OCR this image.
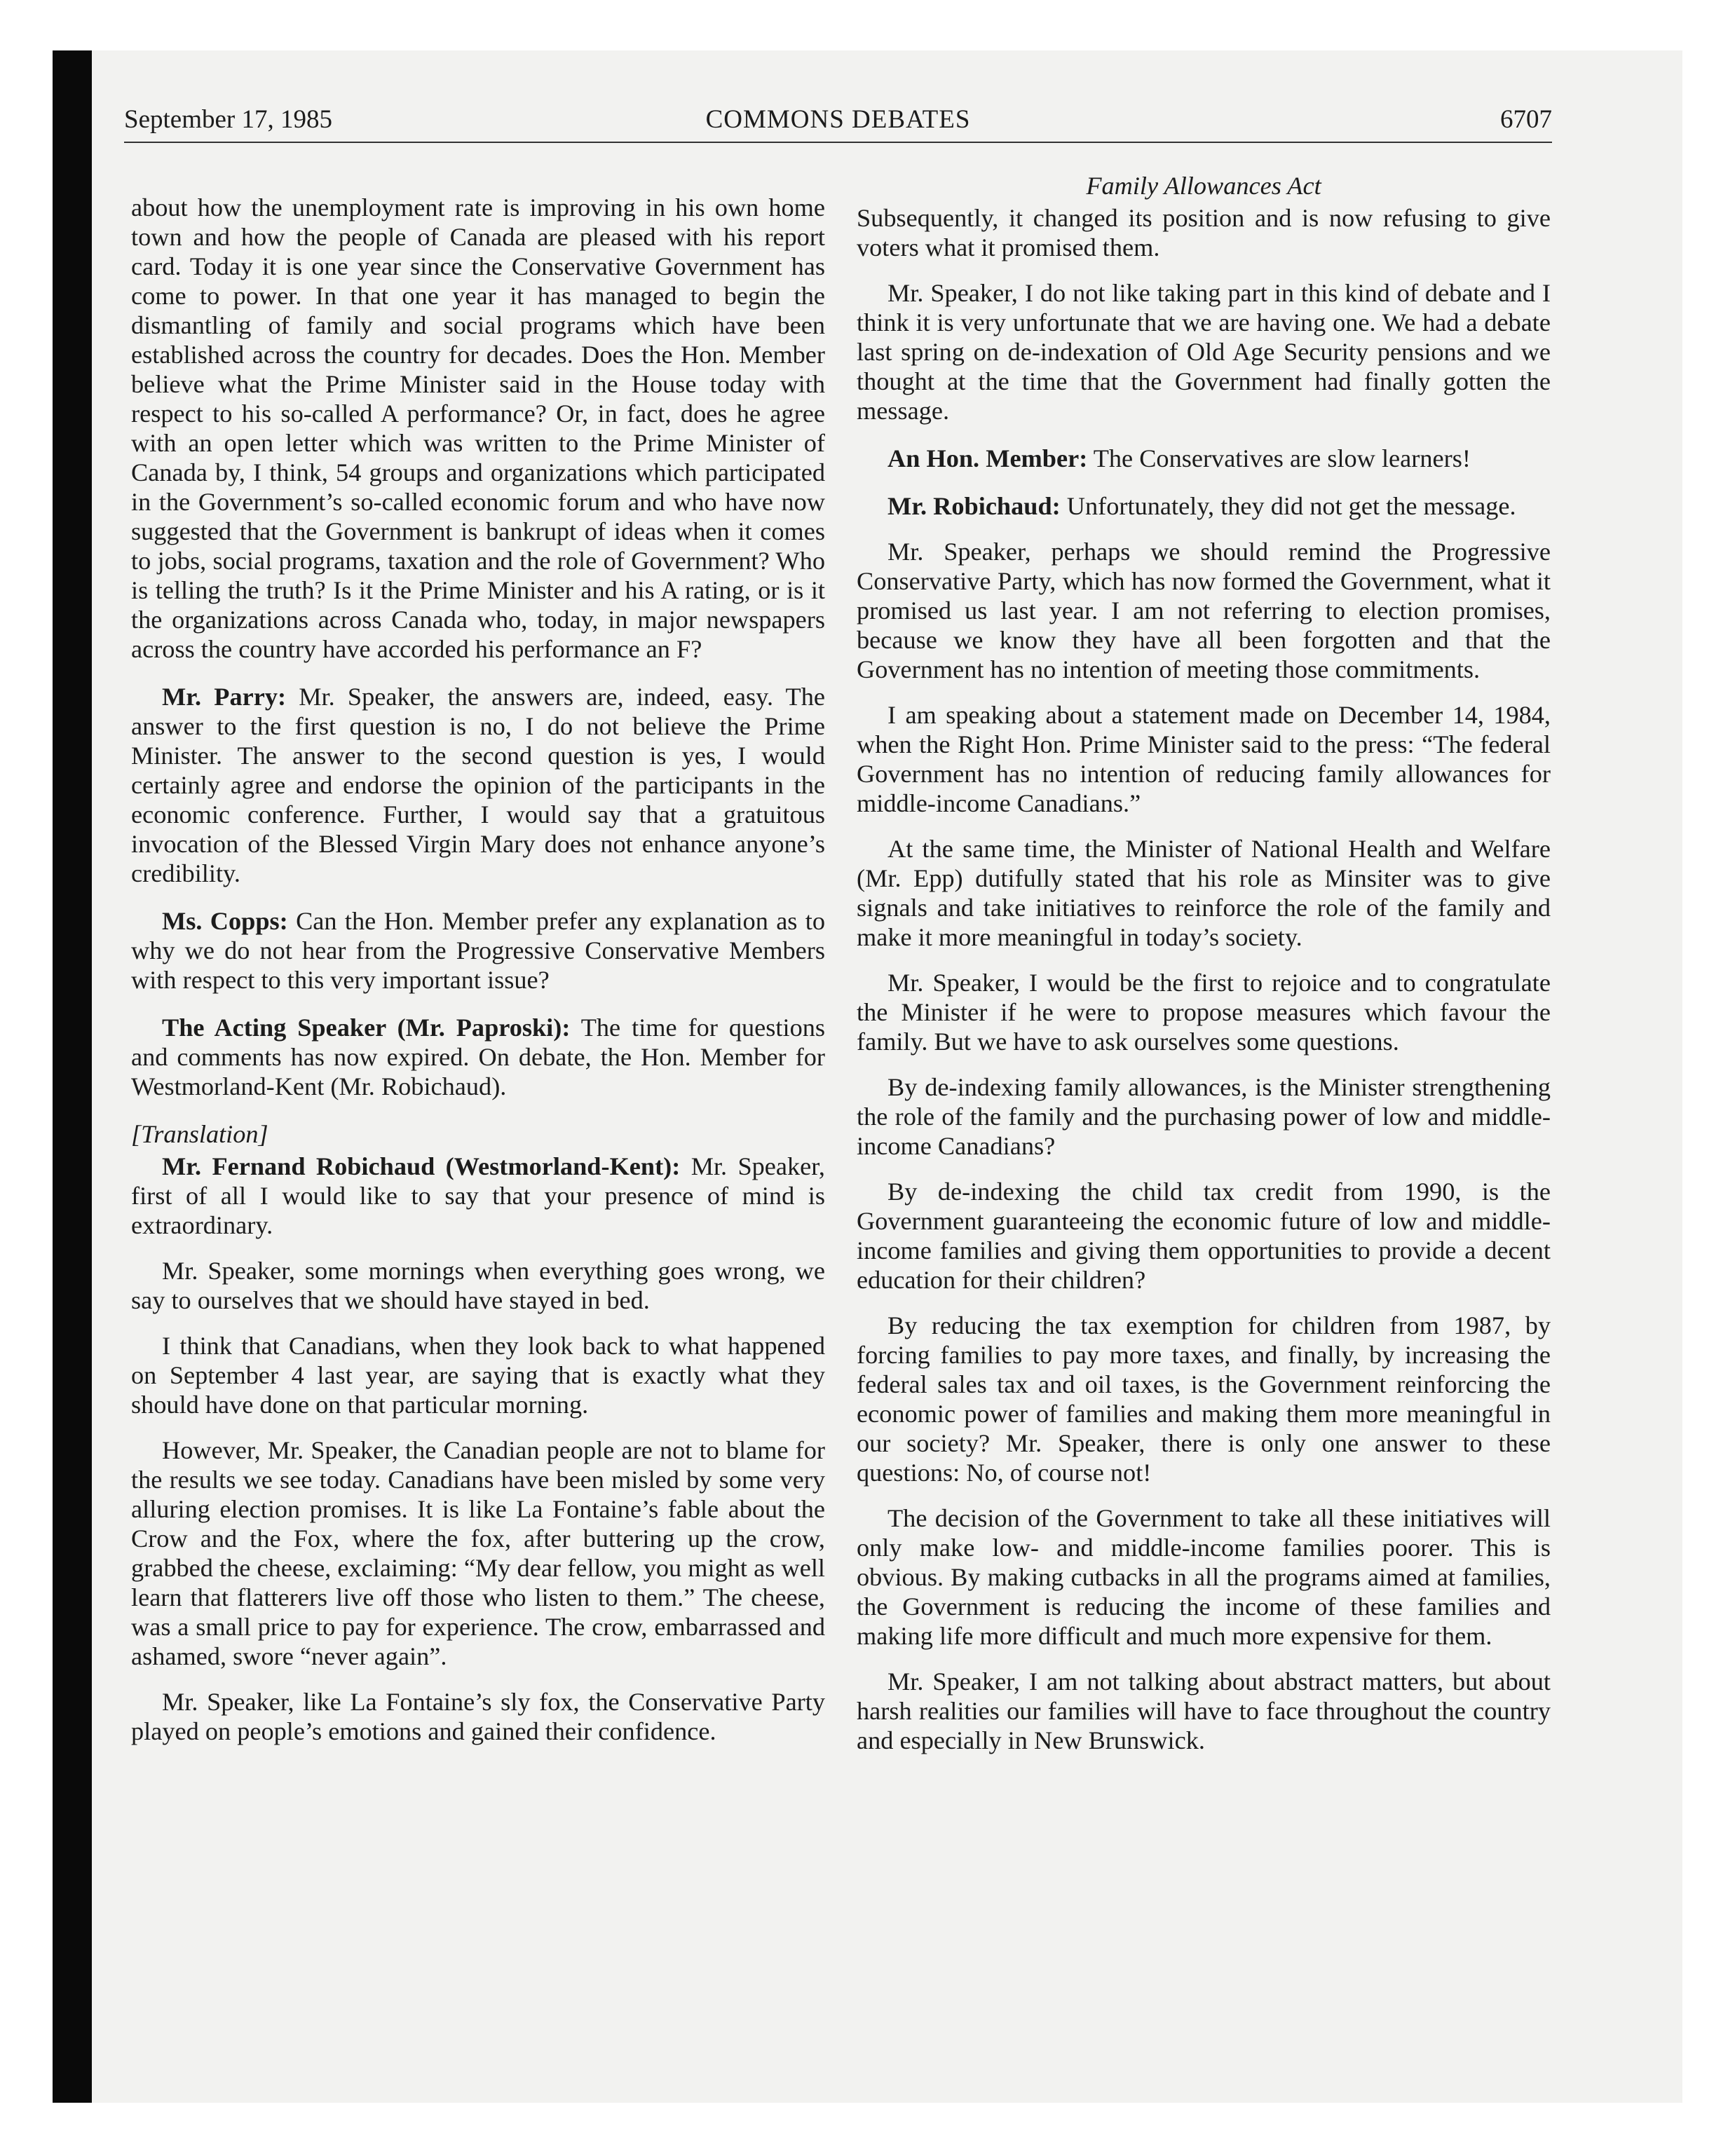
September 17, 1985	COMMONS DEBATES	6707

about how the unemployment rate is improving in his own home town and how the people of Canada are pleased with his report card. Today it is one year since the Conservative Government has come to power. In that one year it has managed to begin the dismantling of family and social programs which have been established across the country for decades. Does the Hon. Member believe what the Prime Minister said in the House today with respect to his so-called A performance? Or, in fact, does he agree with an open letter which was written to the Prime Minister of Canada by, I think, 54 groups and organizations which participated in the Government’s so-called economic forum and who have now suggested that the Government is bankrupt of ideas when it comes to jobs, social programs, taxation and the role of Government? Who is telling the truth? Is it the Prime Minister and his A rating, or is it the organizations across Canada who, today, in major newspapers across the country have accorded his performance an F?

Mr. Parry: Mr. Speaker, the answers are, indeed, easy. The answer to the first question is no, I do not believe the Prime Minister. The answer to the second question is yes, I would certainly agree and endorse the opinion of the participants in the economic conference. Further, I would say that a gratuitous invocation of the Blessed Virgin Mary does not enhance anyone’s credibility.

Ms. Copps: Can the Hon. Member prefer any explanation as to why we do not hear from the Progressive Conservative Members with respect to this very important issue?

The Acting Speaker (Mr. Paproski): The time for questions and comments has now expired. On debate, the Hon. Member for Westmorland-Kent (Mr. Robichaud).

[Translation]

Mr. Fernand Robichaud (Westmorland-Kent): Mr. Speaker, first of all I would like to say that your presence of mind is extraordinary.

Mr. Speaker, some mornings when everything goes wrong, we say to ourselves that we should have stayed in bed.

I think that Canadians, when they look back to what happened on September 4 last year, are saying that is exactly what they should have done on that particular morning.

However, Mr. Speaker, the Canadian people are not to blame for the results we see today. Canadians have been misled by some very alluring election promises. It is like La Fontaine’s fable about the Crow and the Fox, where the fox, after buttering up the crow, grabbed the cheese, exclaiming: “My dear fellow, you might as well learn that flatterers live off those who listen to them.” The cheese, was a small price to pay for experience. The crow, embarrassed and ashamed, swore “never again”.

Mr. Speaker, like La Fontaine’s sly fox, the Conservative Party played on people’s emotions and gained their confidence.

Family Allowances Act

Subsequently, it changed its position and is now refusing to give voters what it promised them.

Mr. Speaker, I do not like taking part in this kind of debate and I think it is very unfortunate that we are having one. We had a debate last spring on de-indexation of Old Age Security pensions and we thought at the time that the Government had finally gotten the message.

An Hon. Member: The Conservatives are slow learners!

Mr. Robichaud: Unfortunately, they did not get the message.

Mr. Speaker, perhaps we should remind the Progressive Conservative Party, which has now formed the Government, what it promised us last year. I am not referring to election promises, because we know they have all been forgotten and that the Government has no intention of meeting those commitments.

I am speaking about a statement made on December 14, 1984, when the Right Hon. Prime Minister said to the press: “The federal Government has no intention of reducing family allowances for middle-income Canadians.”

At the same time, the Minister of National Health and Welfare (Mr. Epp) dutifully stated that his role as Minsiter was to give signals and take initiatives to reinforce the role of the family and make it more meaningful in today’s society.

Mr. Speaker, I would be the first to rejoice and to congratulate the Minister if he were to propose measures which favour the family. But we have to ask ourselves some questions.

By de-indexing family allowances, is the Minister strengthening the role of the family and the purchasing power of low and middle-income Canadians?

By de-indexing the child tax credit from 1990, is the Government guaranteeing the economic future of low and middle-income families and giving them opportunities to provide a decent education for their children?

By reducing the tax exemption for children from 1987, by forcing families to pay more taxes, and finally, by increasing the federal sales tax and oil taxes, is the Government reinforcing the economic power of families and making them more meaningful in our society? Mr. Speaker, there is only one answer to these questions: No, of course not!

The decision of the Government to take all these initiatives will only make low- and middle-income families poorer. This is obvious. By making cutbacks in all the programs aimed at families, the Government is reducing the income of these families and making life more difficult and much more expensive for them.

Mr. Speaker, I am not talking about abstract matters, but about harsh realities our families will have to face throughout the country and especially in New Brunswick.
